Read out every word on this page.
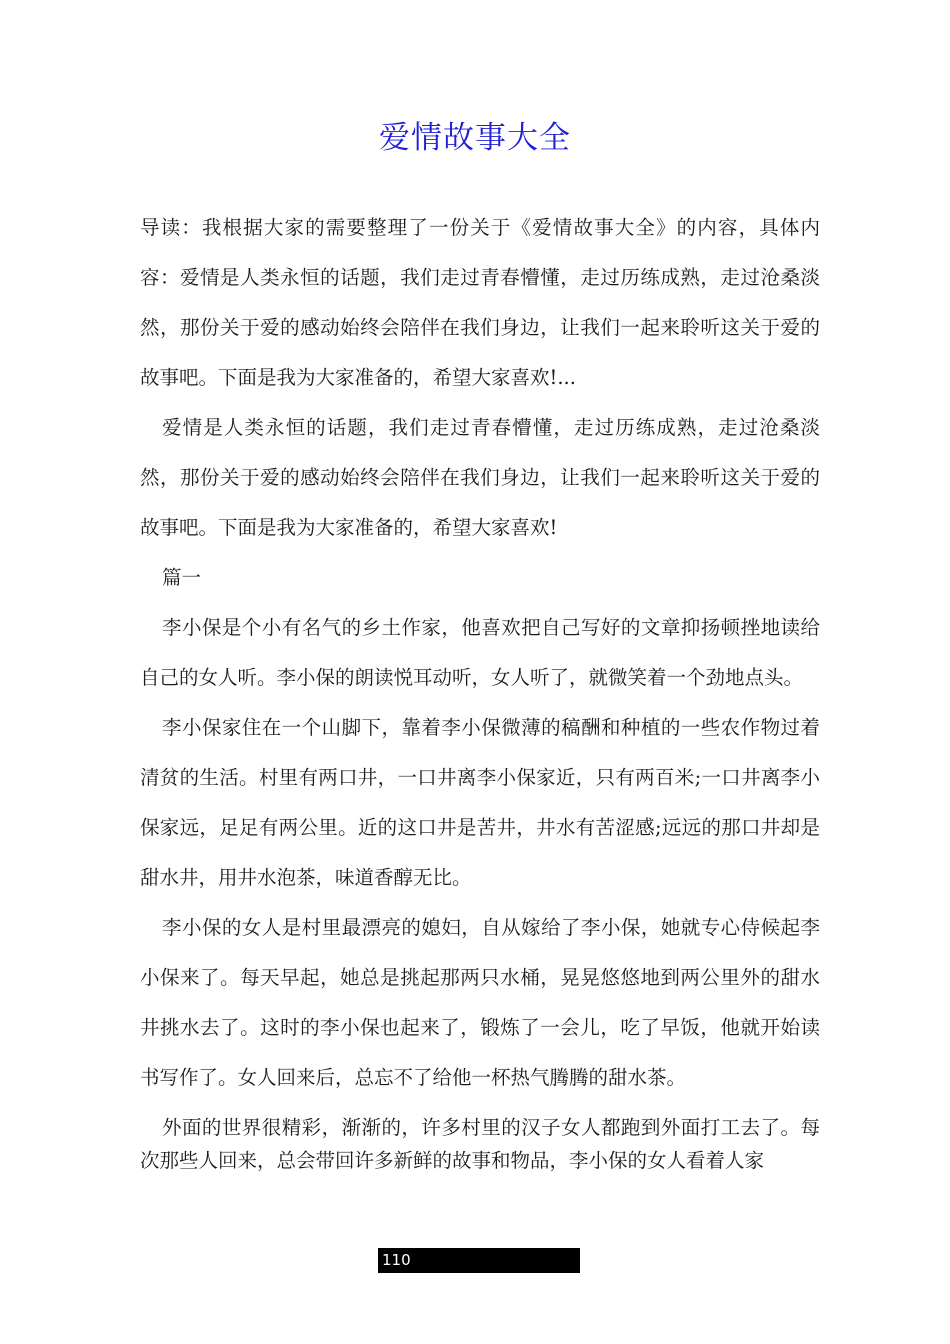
爱情故事大全

导读：我根据大家的需要整理了一份关于《爱情故事大全》的内容，具体内容：爱情是人类永恒的话题，我们走过青春懵懂，走过历练成熟，走过沧桑淡然，那份关于爱的感动始终会陪伴在我们身边，让我们一起来聆听这关于爱的故事吧。下面是我为大家准备的，希望大家喜欢!...

爱情是人类永恒的话题，我们走过青春懵懂，走过历练成熟，走过沧桑淡然，那份关于爱的感动始终会陪伴在我们身边，让我们一起来聆听这关于爱的故事吧。下面是我为大家准备的，希望大家喜欢!

篇一

李小保是个小有名气的乡土作家，他喜欢把自己写好的文章抑扬顿挫地读给自己的女人听。李小保的朗读悦耳动听，女人听了，就微笑着一个劲地点头。

李小保家住在一个山脚下，靠着李小保微薄的稿酬和种植的一些农作物过着清贫的生活。村里有两口井，一口井离李小保家近，只有两百米;一口井离李小保家远，足足有两公里。近的这口井是苦井，井水有苦涩感;远远的那口井却是甜水井，用井水泡茶，味道香醇无比。

李小保的女人是村里最漂亮的媳妇，自从嫁给了李小保，她就专心侍候起李小保来了。每天早起，她总是挑起那两只水桶，晃晃悠悠地到两公里外的甜水井挑水去了。这时的李小保也起来了，锻炼了一会儿，吃了早饭，他就开始读书写作了。女人回来后，总忘不了给他一杯热气腾腾的甜水茶。

外面的世界很精彩，渐渐的，许多村里的汉子女人都跑到外面打工去了。每次那些人回来，总会带回许多新鲜的故事和物品，李小保的女人看着人家

110
